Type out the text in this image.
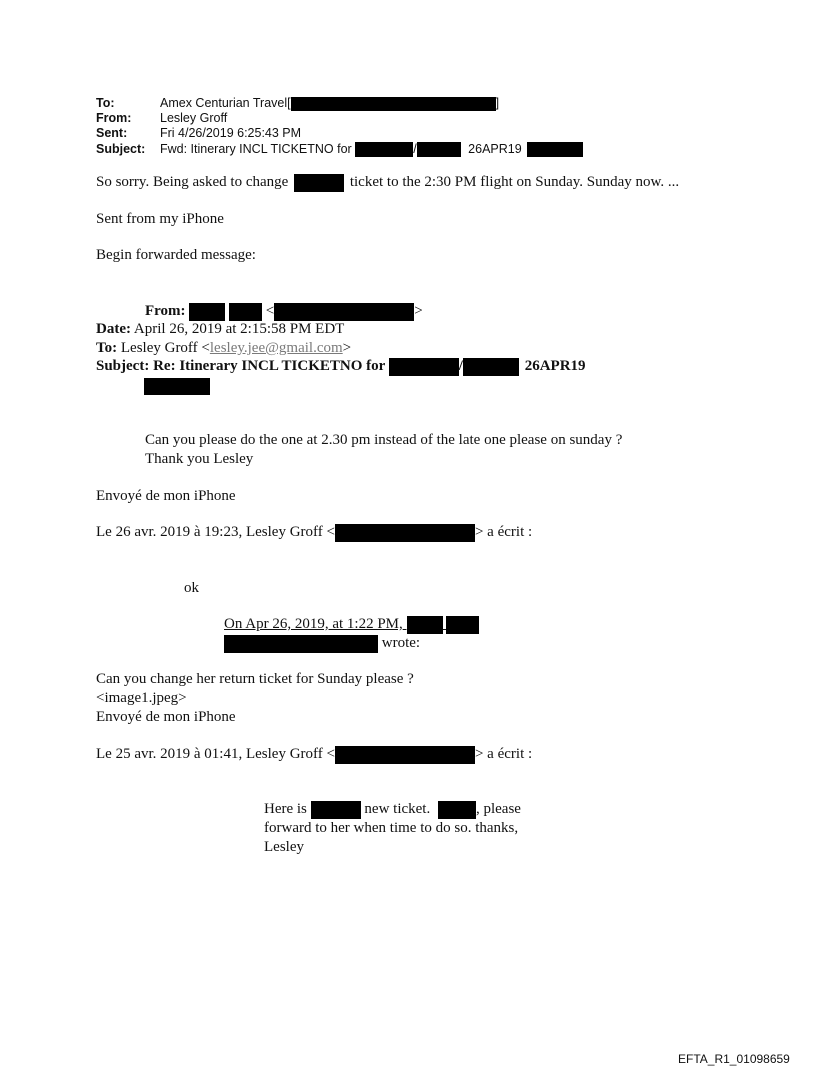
To:	Amex Centurian Travel[	]
From: Lesley Groff
Sent:	Fri 4/26/2019 6:25:43 PM
Subject: Fwd: Itinerary INCL TICKETNO for	/	26APR19
So sorry. Being asked to change	ticket to the 2:30 PM flight on Sunday. Sunday now. ...
Sent from my iPhone
Begin forwarded message:
From:	<	>
Date: April 26, 2019 at 2:15:58 PM EDT
To: Lesley Groff <lesley.jee@gmail.com>
Subject: Re: Itinerary INCL TICKETNO for	/	26APR19
Can you please do the one at 2.30 pm instead of the late one please on sunday ?
Thank you Lesley
Envoyé de mon iPhone
Le 26 avr. 2019 à 19:23, Lesley Groff <	> a écrit :
ok
On Apr 26, 2019, at 1:22 PM,
wrote:
Can you change her return ticket for Sunday please ?
<image1.jpeg>
Envoyé de mon iPhone
Le 25 avr. 2019 à 01:41, Lesley Groff <	> a écrit :
Here is	new ticket.	, please
forward to her when time to do so. thanks,
Lesley
EFTA_R1_01098659
